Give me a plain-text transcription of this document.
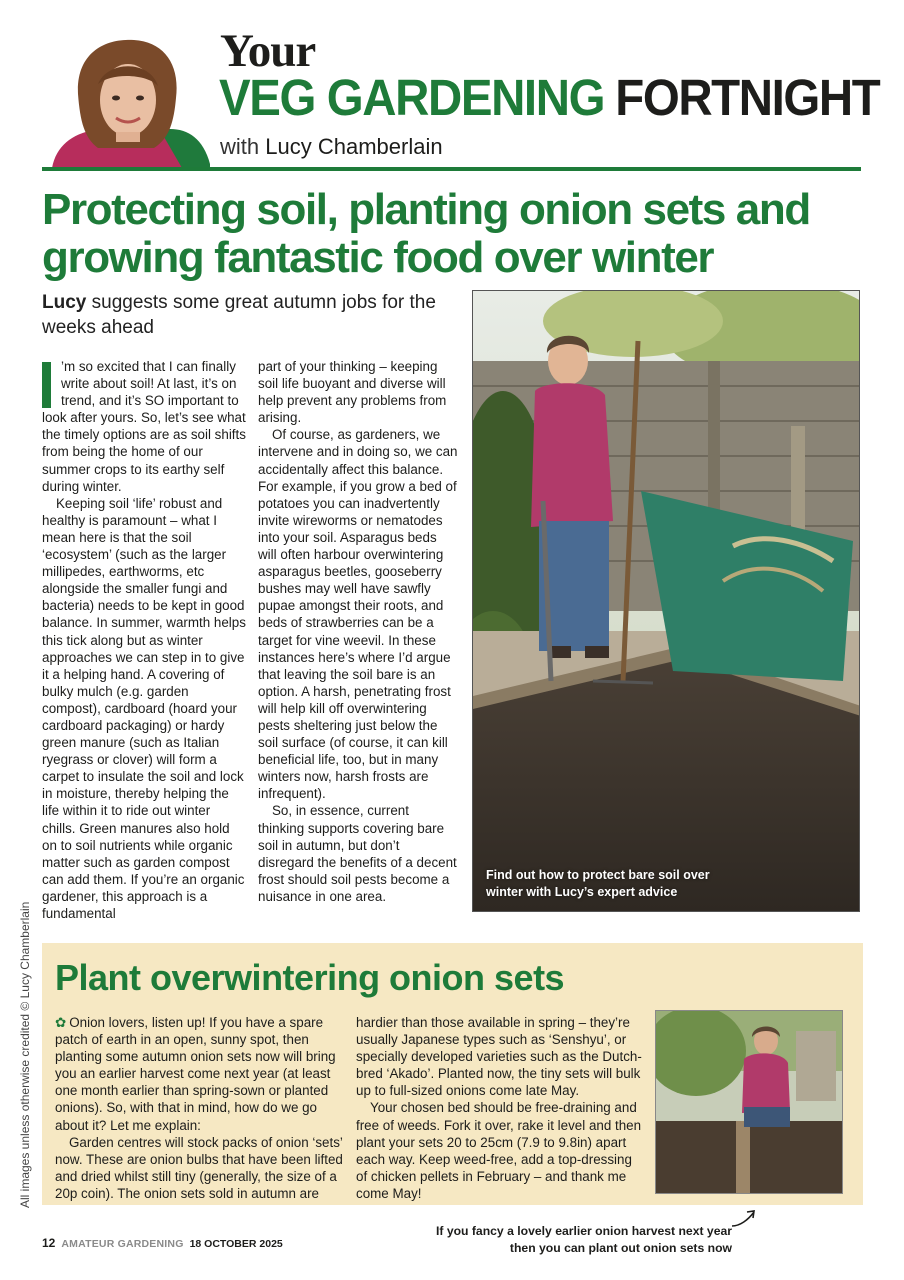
Your
VEG GARDENING FORTNIGHT
with Lucy Chamberlain
Protecting soil, planting onion sets and growing fantastic food over winter
Lucy suggests some great autumn jobs for the weeks ahead

’m so excited that I can finally write about soil! At last, it’s on trend, and it’s SO important to look after yours. So, let’s see what the timely options are as soil shifts from being the home of our summer crops to its earthy self during winter.

Keeping soil ‘life’ robust and healthy is paramount – what I mean here is that the soil ‘ecosystem’ (such as the larger millipedes, earthworms, etc alongside the smaller fungi and bacteria) needs to be kept in good balance. In summer, warmth helps this tick along but as winter approaches we can step in to give it a helping hand. A covering of bulky mulch (e.g. garden compost), cardboard (hoard your cardboard packaging) or hardy green manure (such as Italian ryegrass or clover) will form a carpet to insulate the soil and lock in moisture, thereby helping the life within it to ride out winter chills. Green manures also hold on to soil nutrients while organic matter such as garden compost can add them. If you’re an organic gardener, this approach is a fundamental

part of your thinking – keeping soil life buoyant and diverse will help prevent any problems from arising.

Of course, as gardeners, we intervene and in doing so, we can accidentally affect this balance. For example, if you grow a bed of potatoes you can inadvertently invite wireworms or nematodes into your soil. Asparagus beds will often harbour overwintering asparagus beetles, gooseberry bushes may well have sawfly pupae amongst their roots, and beds of strawberries can be a target for vine weevil. In these instances here’s where I’d argue that leaving the soil bare is an option. A harsh, penetrating frost will help kill off overwintering pests sheltering just below the soil surface (of course, it can kill beneficial life, too, but in many winters now, harsh frosts are infrequent).

So, in essence, current thinking supports covering bare soil in autumn, but don’t disregard the benefits of a decent frost should soil pests become a nuisance in one area.

Find out how to protect bare soil over winter with Lucy’s expert advice
All images unless otherwise credited © Lucy Chamberlain Plant overwintering onion sets

✿ Onion lovers, listen up! If you have a spare patch of earth in an open, sunny spot, then planting some autumn onion sets now will bring you an earlier harvest come next year (at least one month earlier than spring-sown or planted onions). So, with that in mind, how do we go about it? Let me explain:

Garden centres will stock packs of onion ‘sets’ now. These are onion bulbs that have been lifted and dried whilst still tiny (generally, the size of a 20p coin). The onion sets sold in autumn are

hardier than those available in spring – they’re usually Japanese types such as ‘Senshyu’, or specially developed varieties such as the Dutch-bred ‘Akado’. Planted now, the tiny sets will bulk up to full-sized onions come late May.

Your chosen bed should be free-draining and free of weeds. Fork it over, rake it level and then plant your sets 20 to 25cm (7.9 to 9.8in) apart each way. Keep weed-free, add a top-dressing of chicken pellets in February – and thank me come May!

12 AMATEUR GARDENING 18 OCTOBER 2025
If you fancy a lovely earlier onion harvest next year then you can plant out onion sets now
